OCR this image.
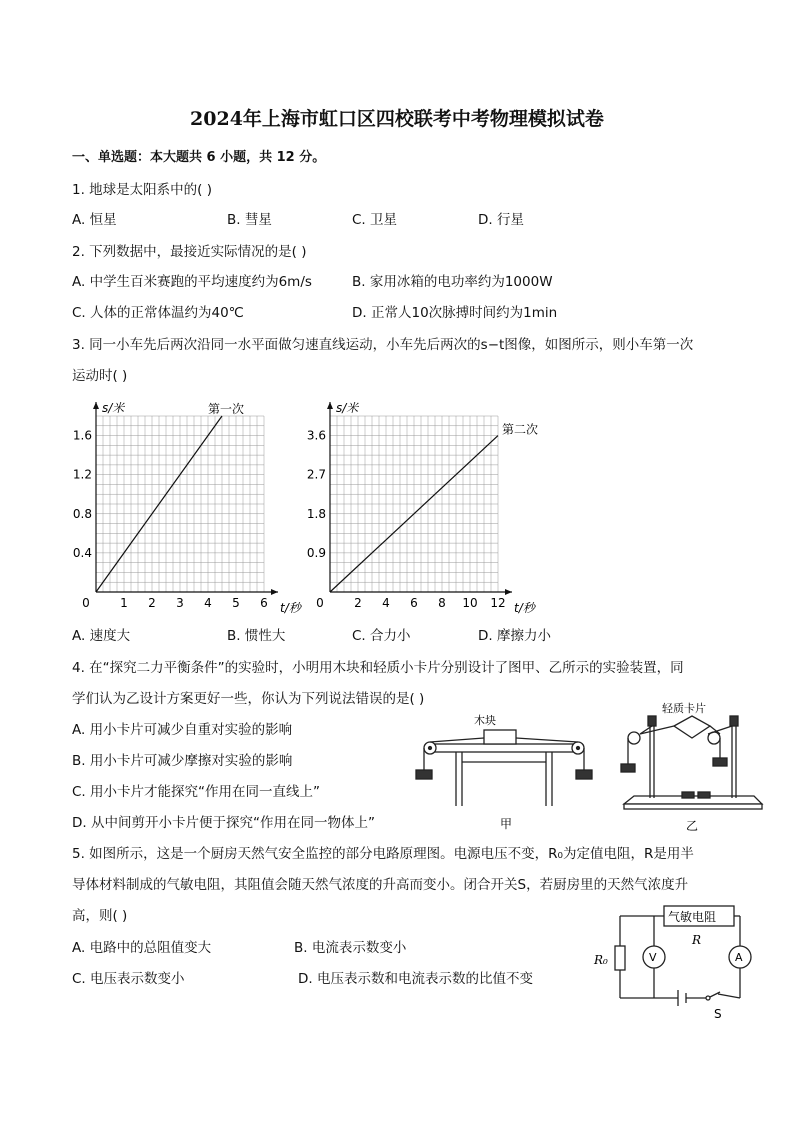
2024年上海市虹口区四校联考中考物理模拟试卷
一、单选题：本大题共 6 小题，共 12 分。
1. 地球是太阳系中的( )
A. 恒星	B. 彗星	C. 卫星	D. 行星
2. 下列数据中，最接近实际情况的是( )
A. 中学生百米赛跑的平均速度约为6m/s	B. 家用冰箱的电功率约为1000W
C. 人体的正常体温约为40℃	D. 正常人10次脉搏时间约为1min
3. 同一小车先后两次沿同一水平面做匀速直线运动，小车先后两次的s−t图像，如图所示，则小车第一次
运动时( )
0	1 2 3 4 5 6
0.4
0.8
1.2
1.6
s/米
t/秒
第一次
0	2 4 6 8 10 12
0.9
1.8
2.7
3.6
s/米
t/秒
第二次
A. 速度大	B. 惯性大	C. 合力小	D. 摩擦力小
4. 在“探究二力平衡条件”的实验时，小明用木块和轻质小卡片分别设计了图甲、乙所示的实验装置，同
学们认为乙设计方案更好一些，你认为下列说法错误的是( )
A. 用小卡片可减少自重对实验的影响
B. 用小卡片可减少摩擦对实验的影响
C. 用小卡片才能探究“作用在同一直线上”
D. 从中间剪开小卡片便于探究“作用在同一物体上”
木块
甲
轻质卡片
乙
5. 如图所示，这是一个厨房天然气安全监控的部分电路原理图。电源电压不变，R₀为定值电阻，R是用半
导体材料制成的气敏电阻，其阻值会随天然气浓度的升高而变小。闭合开关S，若厨房里的天然气浓度升
高，则( )
A. 电路中的总阻值变大	B. 电流表示数变小
C. 电压表示数变小	D. 电压表示数和电流表示数的比值不变
气敏电阻
R
R₀	V	A
S
